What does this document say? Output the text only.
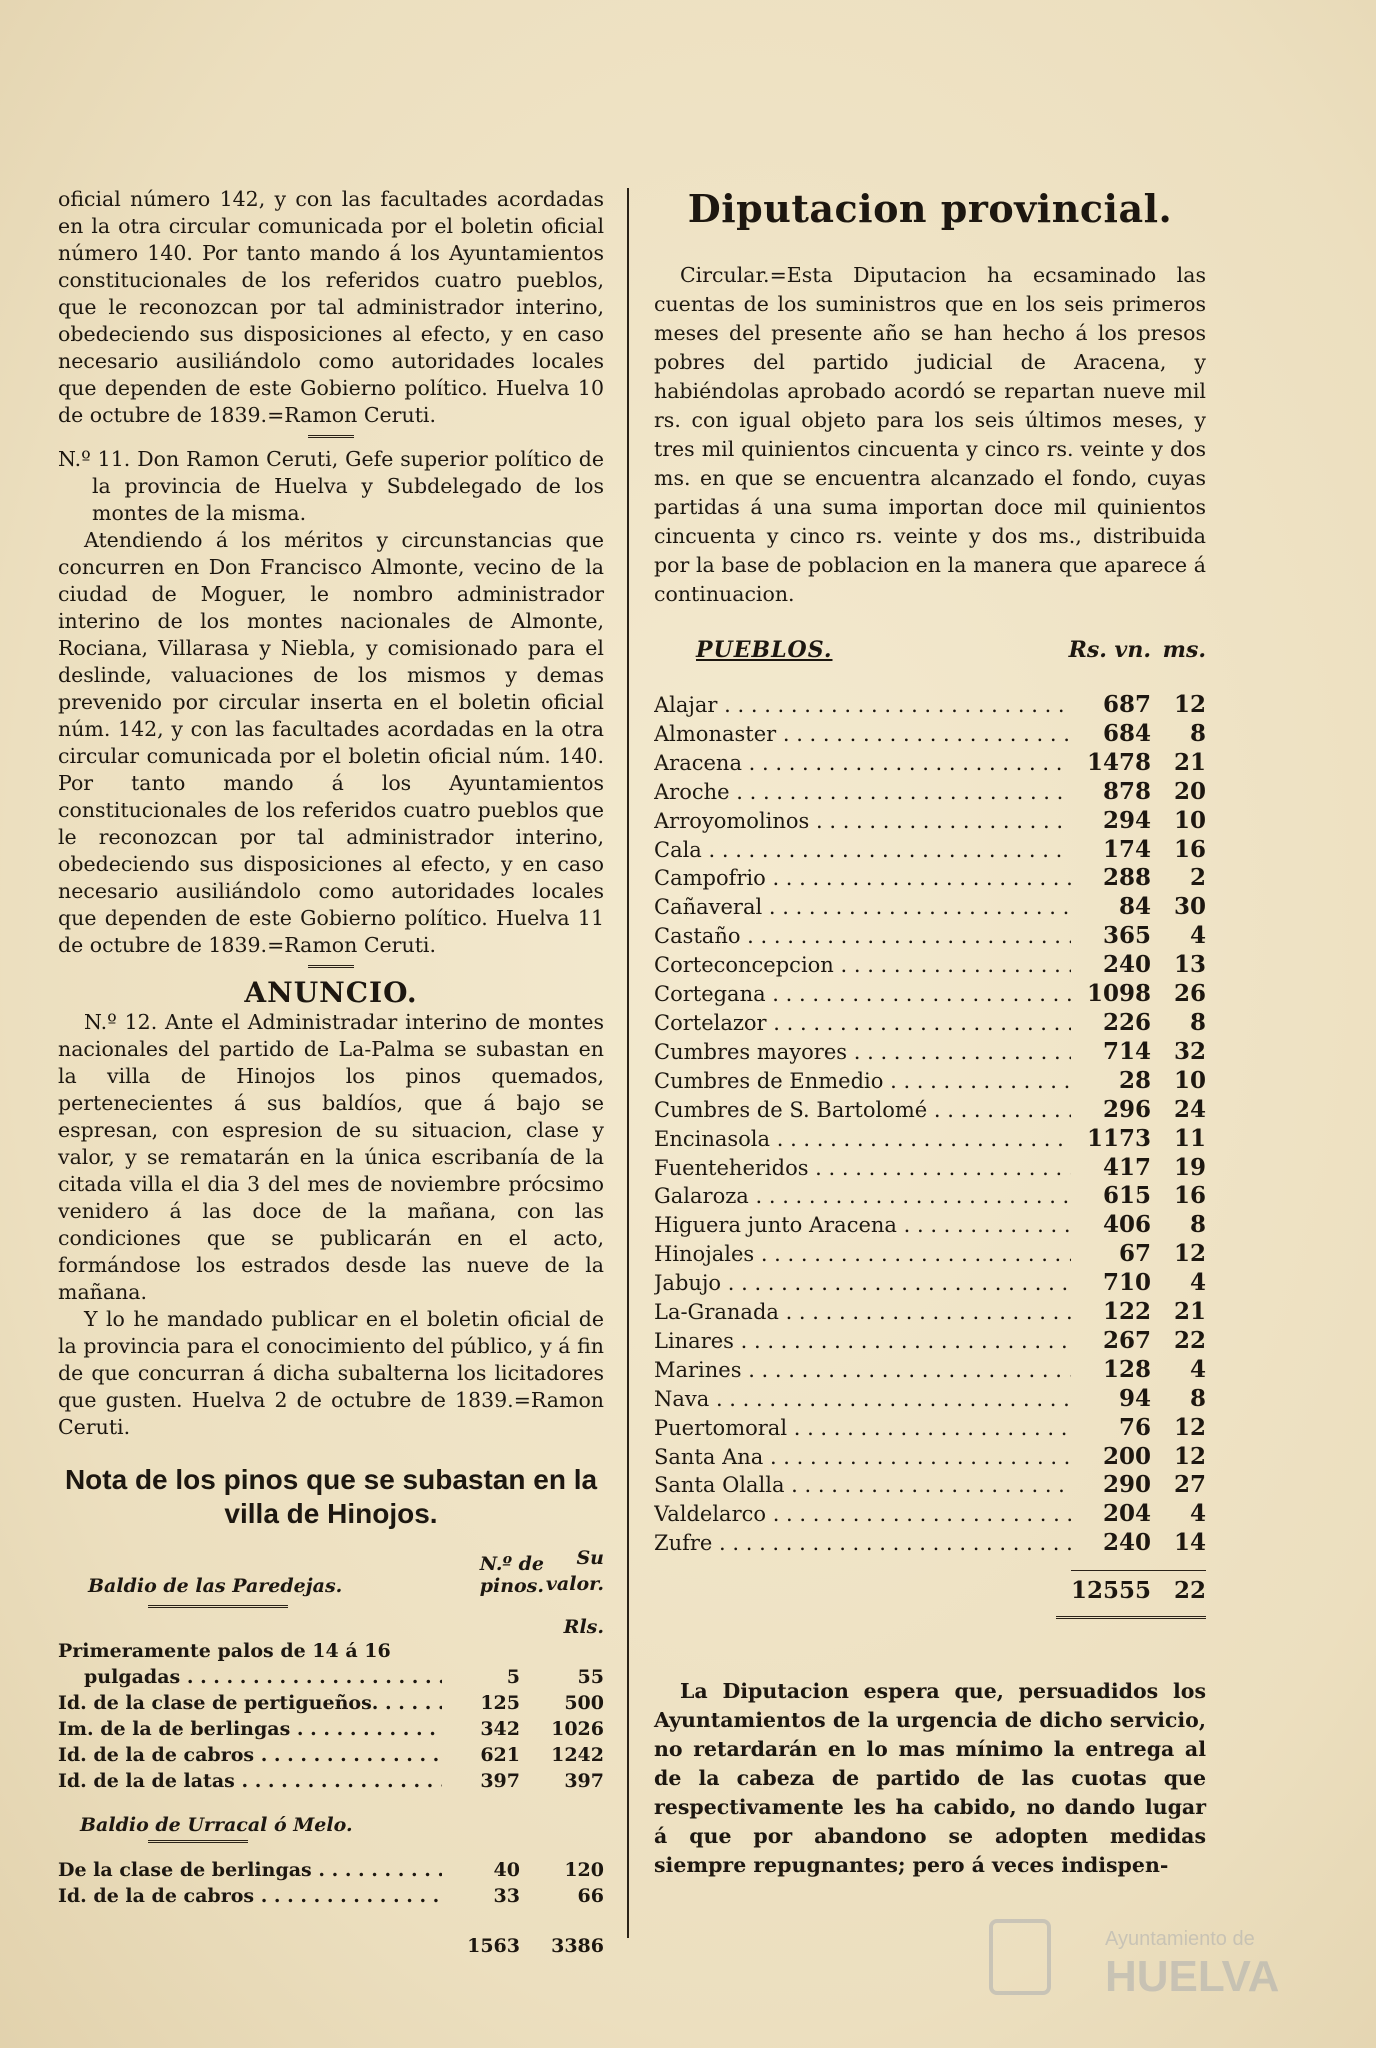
oficial número 142, y con las facultades acordadas en la otra circular comunicada por el boletin oficial número 140. Por tanto mando á los Ayuntamientos constitucionales de los referidos cuatro pueblos, que le reconozcan por tal administrador interino, obedeciendo sus disposiciones al efecto, y en caso necesario ausiliándolo como autoridades locales que dependen de este Gobierno político. Huelva 10 de octubre de 1839.=Ramon Ceruti.

N.º 11. Don Ramon Ceruti, Gefe superior político de la provincia de Huelva y Subdelegado de los montes de la misma.

Atendiendo á los méritos y circunstancias que concurren en Don Francisco Almonte, vecino de la ciudad de Moguer, le nombro administrador interino de los montes nacionales de Almonte, Rociana, Villarasa y Niebla, y comisionado para el deslinde, valuaciones de los mismos y demas prevenido por circular inserta en el boletin oficial núm. 142, y con las facultades acordadas en la otra circular comunicada por el boletin oficial núm. 140. Por tanto mando á los Ayuntamientos constitucionales de los referidos cuatro pueblos que le reconozcan por tal administrador interino, obedeciendo sus disposiciones al efecto, y en caso necesario ausiliándolo como autoridades locales que dependen de este Gobierno político. Huelva 11 de octubre de 1839.=Ramon Ceruti.

ANUNCIO.

N.º 12. Ante el Administradar interino de montes nacionales del partido de La-Palma se subastan en la villa de Hinojos los pinos quemados, pertenecientes á sus baldíos, que á bajo se espresan, con espresion de su situacion, clase y valor, y se rematarán en la única escribanía de la citada villa el dia 3 del mes de noviembre prócsimo venidero á las doce de la mañana, con las condiciones que se publicarán en el acto, formándose los estrados desde las nueve de la mañana.

Y lo he mandado publicar en el boletin oficial de la provincia para el conocimiento del público, y á fin de que concurran á dicha subalterna los licitadores que gusten. Huelva 2 de octubre de 1839.=Ramon Ceruti.

Nota de los pinos que se subastan en la villa de Hinojos.
Baldio de las Paredejas.
N.º de pinos.
Su
valor.
Rls.
Primeramente palos de 14 á 16
pulgadas . . .	5	55
Id. de la clase de pertigueños. . . .	125	500
Im. de la de berlingas . . .	342	1026
Id. de la de cabros . . .	621	1242
Id. de la de latas . . .	397	397
Baldio de Urracal ó Melo.
De la clase de berlingas . . .	40	120
Id. de la de cabros . . .	33	66
1563	3386
Diputacion provincial.

Circular.=Esta Diputacion ha ecsaminado las cuentas de los suministros que en los seis primeros meses del presente año se han hecho á los presos pobres del partido judicial de Aracena, y habiéndolas aprobado acordó se repartan nueve mil rs. con igual objeto para los seis últimos meses, y tres mil quinientos cincuenta y cinco rs. veinte y dos ms. en que se encuentra alcanzado el fondo, cuyas partidas á una suma importan doce mil quinientos cincuenta y cinco rs. veinte y dos ms., distribuida por la base de poblacion en la manera que aparece á continuacion.

PUEBLOS.	Rs. vn. ms.
Alajar . . .	687 12
Almonaster . . .	684	8
Aracena . . .	1478 21
Aroche . . .	878 20
Arroyomolinos . . .	294 10
Cala . . .	174 16
Campofrio . . .	288	2
Cañaveral . . .	84 30
Castaño . . .	365	4
Corteconcepcion . . .	240 13
Cortegana . . .	1098 26
Cortelazor . . .	226	8
Cumbres mayores . . .	714 32
Cumbres de Enmedio . . .	28 10
Cumbres de S. Bartolomé . . .	296 24
Encinasola . . .	1173 11
Fuenteheridos . . .	417 19
Galaroza . . .	615 16
Higuera junto Aracena . . .	406	8
Hinojales . . .	67 12
Jabujo . . .	710	4
La-Granada . . .	122 21
Linares . . .	267 22
Marines . . .	128	4
Nava . . .	94	8
Puertomoral . . .	76 12
Santa Ana . . .	200 12
Santa Olalla . . .	290 27
Valdelarco . . .	204	4
Zufre . . .	240 14
12555 22

La Diputacion espera que, persuadidos los Ayuntamientos de la urgencia de dicho servicio, no retardarán en lo mas mínimo la entrega al de la cabeza de partido de las cuotas que respectivamente les ha cabido, no dando lugar á que por abandono se adopten medidas siempre repugnantes; pero á veces indispen-

Ayuntamiento de
HUELVA
